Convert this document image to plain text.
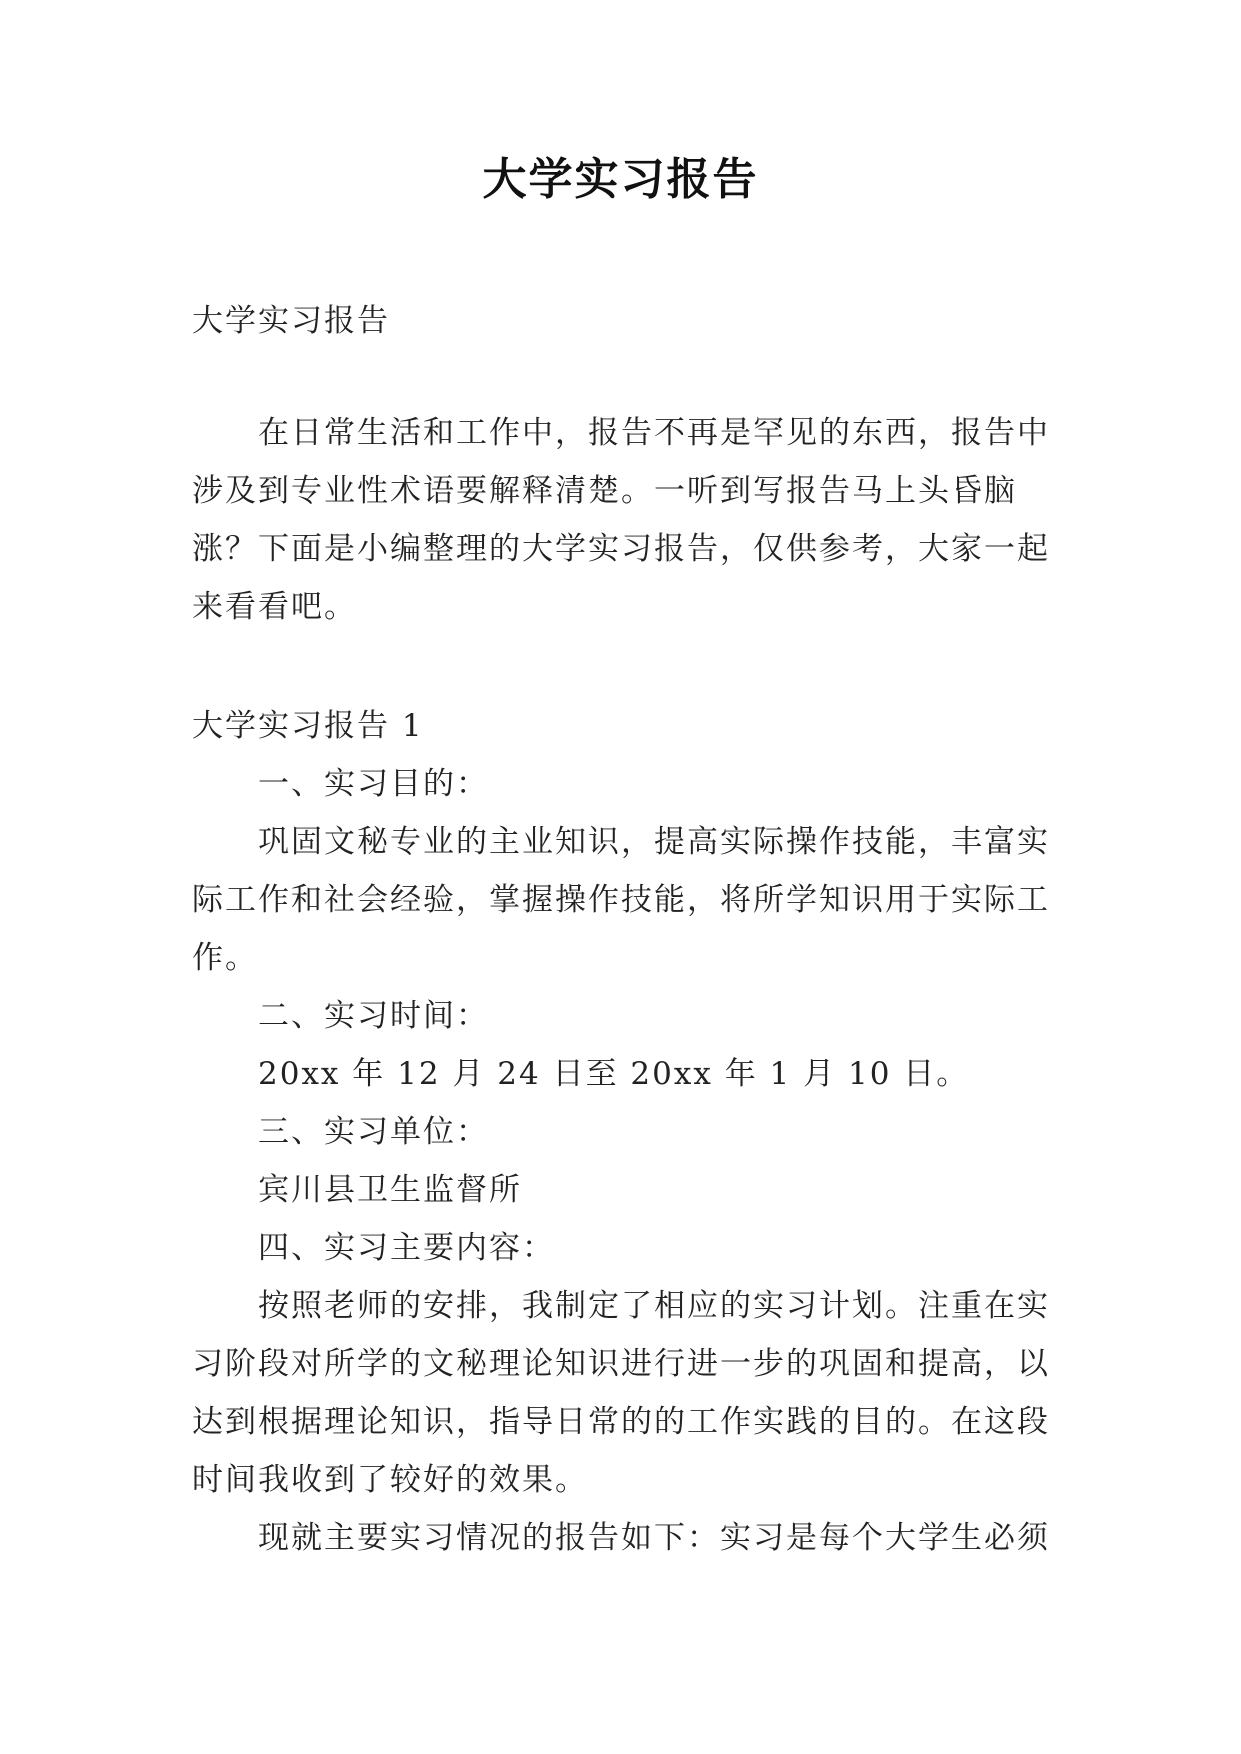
大学实习报告

大学实习报告

在日常生活和工作中，报告不再是罕见的东西，报告中涉及到专业性术语要解释清楚。一听到写报告马上头昏脑涨？下面是小编整理的大学实习报告，仅供参考，大家一起来看看吧。

大学实习报告 1

一、实习目的：

巩固文秘专业的主业知识，提高实际操作技能，丰富实际工作和社会经验，掌握操作技能，将所学知识用于实际工作。

二、实习时间：

20xx 年 12 月 24 日至 20xx 年 1 月 10 日。

三、实习单位：

宾川县卫生监督所

四、实习主要内容：

按照老师的安排，我制定了相应的实习计划。注重在实习阶段对所学的文秘理论知识进行进一步的巩固和提高，以达到根据理论知识，指导日常的的工作实践的目的。在这段时间我收到了较好的效果。

现就主要实习情况的报告如下：实习是每个大学生必须
